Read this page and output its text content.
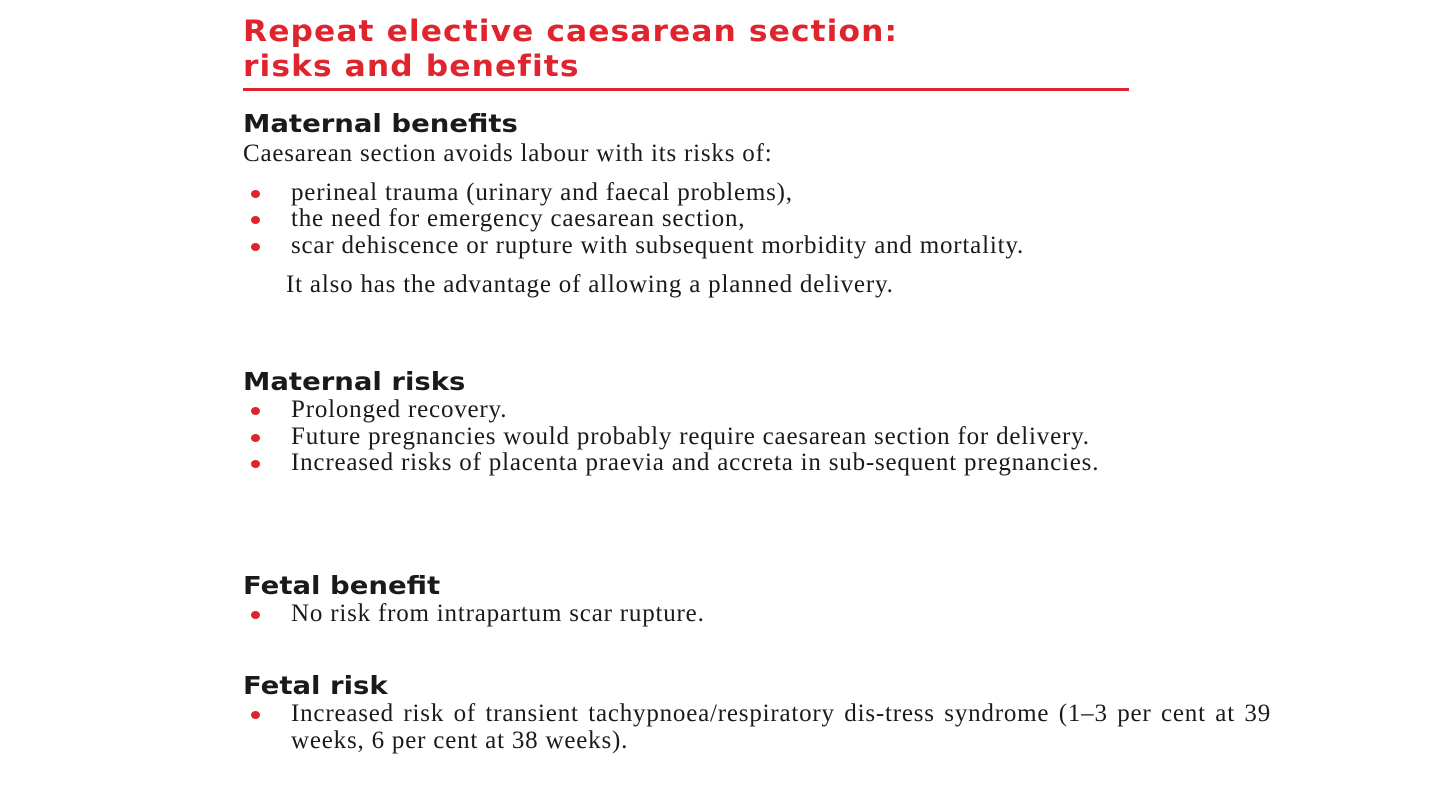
Repeat elective caesarean section:
risks and benefits
Maternal benefits

Caesarean section avoids labour with its risks of:

perineal trauma (urinary and faecal problems),
the need for emergency caesarean section,
scar dehiscence or rupture with subsequent morbidity and mortality.

It also has the advantage of allowing a planned delivery.

Maternal risks
Prolonged recovery.
Future pregnancies would probably require caesarean section for delivery.
Increased risks of placenta praevia and accreta in sub-sequent pregnancies.
Fetal benefit
No risk from intrapartum scar rupture.
Fetal risk
Increased risk of transient tachypnoea/respiratory dis-tress syndrome (1–3 per cent at 39 weeks, 6 per cent at 38 weeks).
